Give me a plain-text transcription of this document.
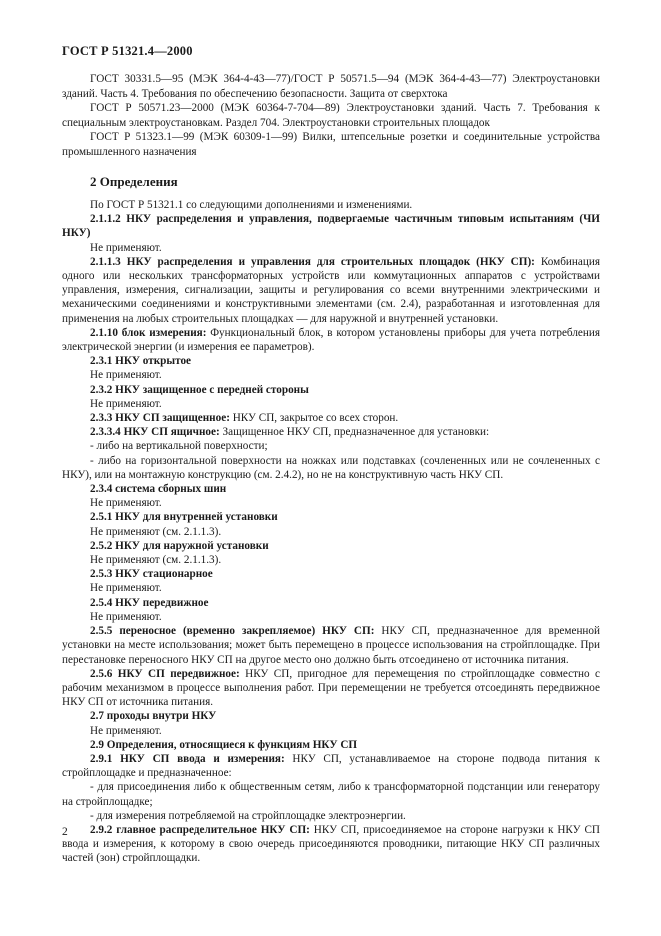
ГОСТ Р 51321.4—2000

ГОСТ 30331.5—95 (МЭК 364-4-43—77)/ГОСТ Р 50571.5—94 (МЭК 364-4-43—77) Электроустановки зданий. Часть 4. Требования по обеспечению безопасности. Защита от сверхтока

ГОСТ Р 50571.23—2000 (МЭК 60364-7-704—89) Электроустановки зданий. Часть 7. Требования к специальным электроустановкам. Раздел 704. Электроустановки строительных площадок

ГОСТ Р 51323.1—99 (МЭК 60309-1—99) Вилки, штепсельные розетки и соединительные устройства промышленного назначения

2 Определения

По ГОСТ Р 51321.1 со следующими дополнениями и изменениями.

2.1.1.2 НКУ распределения и управления, подвергаемые частичным типовым испытаниям (ЧИ НКУ)

Не применяют.

2.1.1.3 НКУ распределения и управления для строительных площадок (НКУ СП): Комбинация одного или нескольких трансформаторных устройств или коммутационных аппаратов с устройствами управления, измерения, сигнализации, защиты и регулирования со всеми внутренними электрическими и механическими соединениями и конструктивными элементами (см. 2.4), разработанная и изготовленная для применения на любых строительных площадках — для наружной и внутренней установки.

2.1.10 блок измерения: Функциональный блок, в котором установлены приборы для учета потребления электрической энергии (и измерения ее параметров).

2.3.1 НКУ открытое

Не применяют.

2.3.2 НКУ защищенное с передней стороны

Не применяют.

2.3.3 НКУ СП защищенное: НКУ СП, закрытое со всех сторон.

2.3.3.4 НКУ СП ящичное: Защищенное НКУ СП, предназначенное для установки:

- либо на вертикальной поверхности;

- либо на горизонтальной поверхности на ножках или подставках (сочлененных или не сочлененных с НКУ), или на монтажную конструкцию (см. 2.4.2), но не на конструктивную часть НКУ СП.

2.3.4 система сборных шин

Не применяют.

2.5.1 НКУ для внутренней установки

Не применяют (см. 2.1.1.3).

2.5.2 НКУ для наружной установки

Не применяют (см. 2.1.1.3).

2.5.3 НКУ стационарное

Не применяют.

2.5.4 НКУ передвижное

Не применяют.

2.5.5 переносное (временно закрепляемое) НКУ СП: НКУ СП, предназначенное для временной установки на месте использования; может быть перемещено в процессе использования на стройплощадке. При перестановке переносного НКУ СП на другое место оно должно быть отсоединено от источника питания.

2.5.6 НКУ СП передвижное: НКУ СП, пригодное для перемещения по стройплощадке совместно с рабочим механизмом в процессе выполнения работ. При перемещении не требуется отсоединять передвижное НКУ СП от источника питания.

2.7 проходы внутри НКУ

Не применяют.

2.9 Определения, относящиеся к функциям НКУ СП

2.9.1 НКУ СП ввода и измерения: НКУ СП, устанавливаемое на стороне подвода питания к стройплощадке и предназначенное:

- для присоединения либо к общественным сетям, либо к трансформаторной подстанции или генератору на стройплощадке;

- для измерения потребляемой на стройплощадке электроэнергии.

2.9.2 главное распределительное НКУ СП: НКУ СП, присоединяемое на стороне нагрузки к НКУ СП ввода и измерения, к которому в свою очередь присоединяются проводники, питающие НКУ СП различных частей (зон) стройплощадки.

2
